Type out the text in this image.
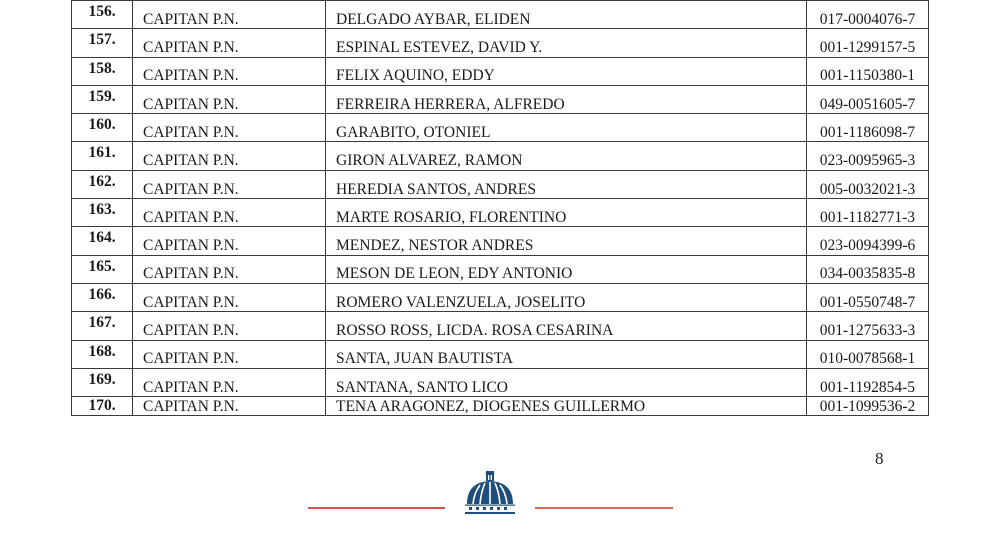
156.	CAPITAN P.N.	DELGADO AYBAR, ELIDEN	017-0004076-7
157.	CAPITAN P.N.	ESPINAL ESTEVEZ, DAVID Y.	001-1299157-5
158.	CAPITAN P.N.	FELIX AQUINO, EDDY	001-1150380-1
159.	CAPITAN P.N.	FERREIRA HERRERA, ALFREDO	049-0051605-7
160.	CAPITAN P.N.	GARABITO, OTONIEL	001-1186098-7
161.	CAPITAN P.N.	GIRON ALVAREZ, RAMON	023-0095965-3
162.	CAPITAN P.N.	HEREDIA SANTOS, ANDRES	005-0032021-3
163.	CAPITAN P.N.	MARTE ROSARIO, FLORENTINO	001-1182771-3
164.	CAPITAN P.N.	MENDEZ, NESTOR ANDRES	023-0094399-6
165.	CAPITAN P.N.	MESON DE LEON, EDY ANTONIO	034-0035835-8
166.	CAPITAN P.N.	ROMERO VALENZUELA, JOSELITO	001-0550748-7
167.	CAPITAN P.N.	ROSSO ROSS, LICDA. ROSA CESARINA	001-1275633-3
168.	CAPITAN P.N.	SANTA, JUAN BAUTISTA	010-0078568-1
169.	CAPITAN P.N.	SANTANA, SANTO LICO	001-1192854-5
170.	CAPITAN P.N.	TENA ARAGONEZ, DIOGENES GUILLERMO	001-1099536-2
8
